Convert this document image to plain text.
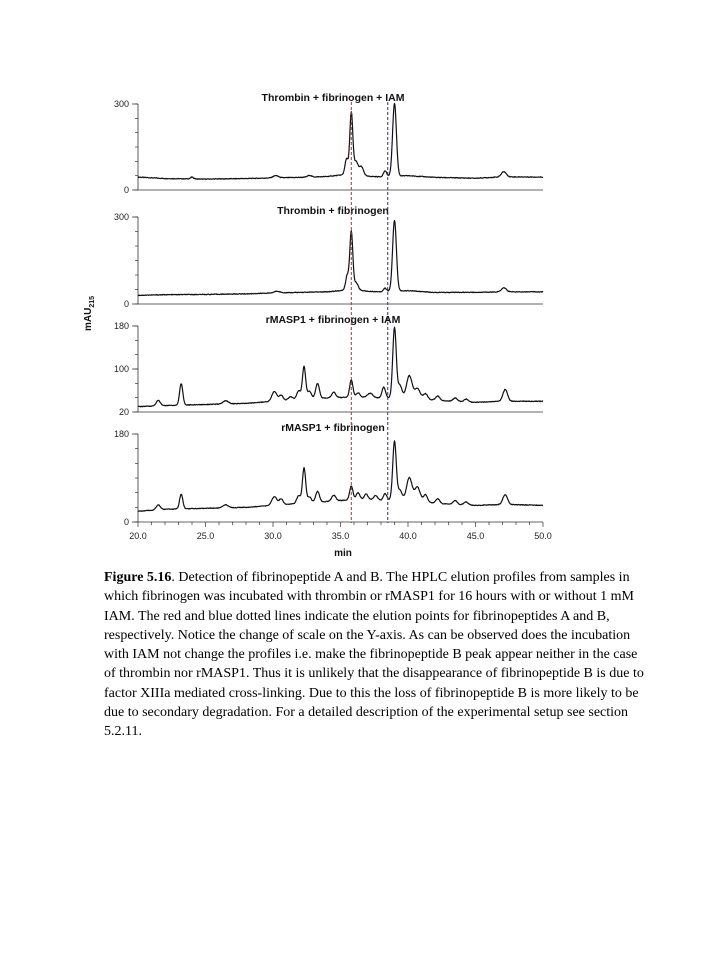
300
0
Thrombin + fibrinogen + IAM
300
0
Thrombin + fibrinogen
180
100
20
rMASP1 + fibrinogen + IAM
180
0
rMASP1 + fibrinogen
20.0	25.0	30.0	35.0	40.0	45.0	50.0
min
mAU$_{215}$
Figure 5.16. Detection of fibrinopeptide A and B. The HPLC elution profiles from samples in which fibrinogen was incubated with thrombin or rMASP1 for 16 hours with or without 1 mM IAM. The red and blue dotted lines indicate the elution points for fibrinopeptides A and B, respectively. Notice the change of scale on the Y-axis. As can be observed does the incubation with IAM not change the profiles i.e. make the fibrinopeptide B peak appear neither in the case of thrombin nor rMASP1. Thus it is unlikely that the disappearance of fibrinopeptide B is due to factor XIIIa mediated cross-linking. Due to this the loss of fibrinopeptide B is more likely to be due to secondary degradation. For a detailed description of the experimental setup see section 5.2.11.
